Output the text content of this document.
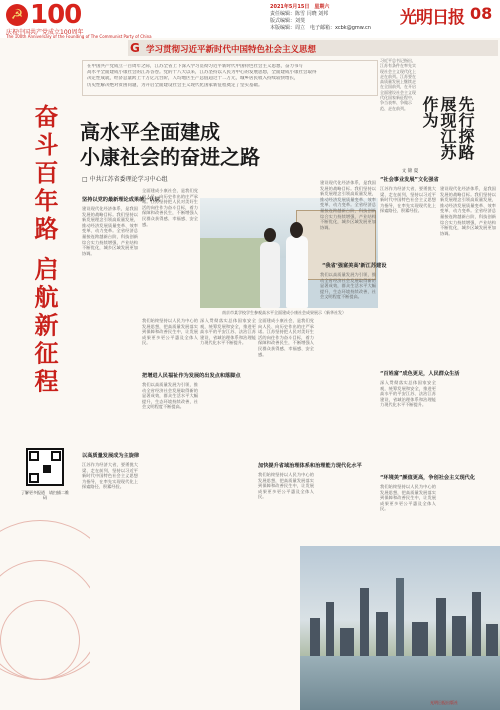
☭ 100
庆祝中国共产党成立100周年
The 100th Anniversary of the Founding of The Communist Party of China
2021年5月15日　星期六
责任编辑：陈雪 闫晓 刘邦
版式编辑：刘斐
本版编辑：周立　电子邮箱：xcbk@gmw.cn	光明日报 08
G 学习贯彻习近平新时代中国特色社会主义思想
奋斗百年路 启航新征程
在中国共产党成立一百周年之际，江苏全省上下深入学习贯彻习近平新时代中国特色社会主义思想，奋力书写
高水平全面建成小康社会的江苏答卷。党的十八大以来，江苏坚持以人民为中心的发展思想，全面建成小康社会取得
决定性成就，经济总量跨上十万亿元台阶，人均地区生产总值超过十二万元，城乡居民收入持续较快增长，
历史性解决绝对贫困问题，为开启全面建设社会主义现代化国家新征程奠定了坚实基础。
高水平全面建成
小康社会的奋进之路
□ 中共江苏省委理论学习中心组
习近平总书记指出，江苏有条件在率先实现社会主义现代化上走在前列。江苏要在高质量发展上继续走在全国前列，在开启全面建设社会主义现代化国家新征程中，争当表率、争做示范、走在前列。	先行探路 展现江苏作为
夏锦文
坚持以党的最新理论成果统一认识
建设现代化经济体系，是我国发展的战略目标。我们坚持以新发展理念引领高质量发展，推动经济发展质量变革、效率变革、动力变革。全省经济总量接连跨越新台阶，科技创新综合实力持续增强，产业结构不断优化，城乡区域发展更加协调。
全面建成小康社会，是我们党向人民、向历史作出的庄严承诺。江苏坚持把人民对美好生活的向往作为奋斗目标，着力保障和改善民生，不断增强人民群众获得感、幸福感、安全感。
南京市某学校学生参观高水平全面建成小康社会成果展示（新华社发）
以高质量发展成为主旋律
江苏作为经济大省，要勇挑大梁、走在前列，坚持以习近平新时代中国特色社会主义思想为指导，在率先实现现代化上探索路径、积累经验。
我们始终坚持以人民为中心的发展思想，把高质量发展落实到保障和改善民生中，让发展成果更多更公平惠及全体人民。
把增进人民福祉作为发展的出发点和落脚点
我们以高质量发展为引领，推动全省经济社会发展取得新的显著成效，群众生活水平大幅提升，生态环境持续改善，社会文明程度不断提高。
深入贯彻落实总体国家安全观，统筹发展和安全，推进更高水平的平安江苏、法治江苏建设，省域治理体系和治理能力现代化水平不断提升。
加快提升省域治理体系和治理能力现代化水平
全面建成小康社会，是我们党向人民、向历史作出的庄严承诺。江苏坚持把人民对美好生活的向往作为奋斗目标，着力保障和改善民生，不断增强人民群众获得感、幸福感、安全感。
我们始终坚持以人民为中心的发展思想，把高质量发展落实到保障和改善民生中，让发展成果更多更公平惠及全体人民。
建设现代化经济体系，是我国发展的战略目标。我们坚持以新发展理念引领高质量发展，推动经济发展质量变革、效率变革、动力变革。全省经济总量接连跨越新台阶，科技创新综合实力持续增强，产业结构不断优化，城乡区域发展更加协调。
“我省‘强富美高’新江苏建设
我们以高质量发展为引领，推动全省经济社会发展取得新的显著成效，群众生活水平大幅提升，生态环境持续改善，社会文明程度不断提高。
“社会事业发展”文化强省
江苏作为经济大省，要勇挑大梁、走在前列，坚持以习近平新时代中国特色社会主义思想为指导，在率先实现现代化上探索路径、积累经验。
“百姓富”成色更足，人民群众生活
深入贯彻落实总体国家安全观，统筹发展和安全，推进更高水平的平安江苏、法治江苏建设，省域治理体系和治理能力现代化水平不断提升。
“环境美”颜值更高，争创社会主义现代化
我们始终坚持以人民为中心的发展思想，把高质量发展落实到保障和改善民生中，让发展成果更多更公平惠及全体人民。
建设现代化经济体系，是我国发展的战略目标。我们坚持以新发展理念引领高质量发展，推动经济发展质量变革、效率变革、动力变革。全省经济总量接连跨越新台阶，科技创新综合实力持续增强，产业结构不断优化，城乡区域发展更加协调。
了解更多报道　请扫描二维码
光明日报出版社
